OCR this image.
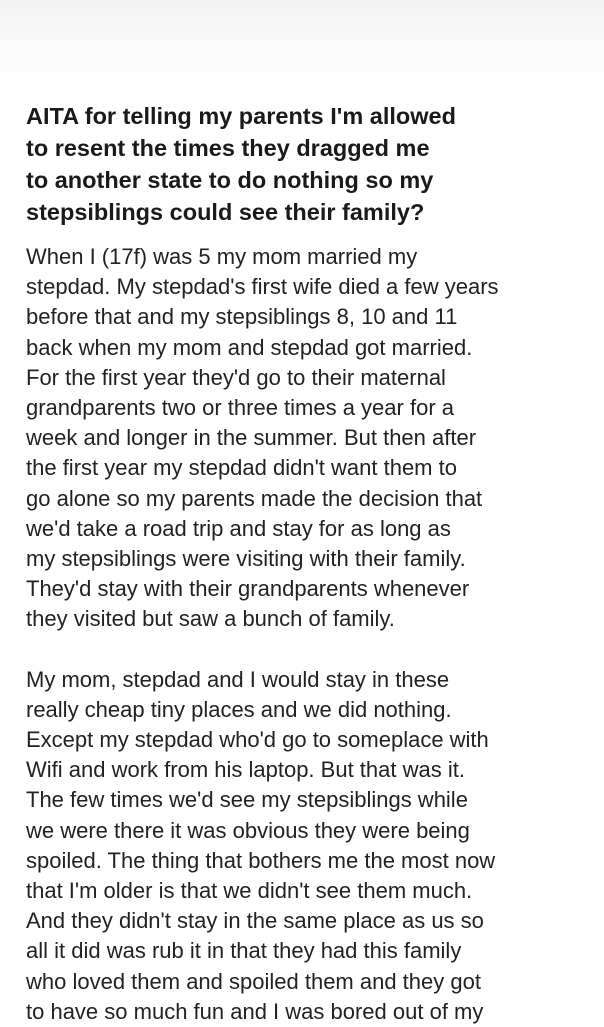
AITA for telling my parents I'm allowed
to resent the times they dragged me
to another state to do nothing so my
stepsiblings could see their family?

When I (17f) was 5 my mom married my
stepdad. My stepdad's first wife died a few years
before that and my stepsiblings 8, 10 and 11
back when my mom and stepdad got married.
For the first year they'd go to their maternal
grandparents two or three times a year for a
week and longer in the summer. But then after
the first year my stepdad didn't want them to
go alone so my parents made the decision that
we'd take a road trip and stay for as long as
my stepsiblings were visiting with their family.
They'd stay with their grandparents whenever
they visited but saw a bunch of family.

My mom, stepdad and I would stay in these
really cheap tiny places and we did nothing.
Except my stepdad who'd go to someplace with
Wifi and work from his laptop. But that was it.
The few times we'd see my stepsiblings while
we were there it was obvious they were being
spoiled. The thing that bothers me the most now
that I'm older is that we didn't see them much.
And they didn't stay in the same place as us so
all it did was rub it in that they had this family
who loved them and spoiled them and they got
to have so much fun and I was bored out of my
